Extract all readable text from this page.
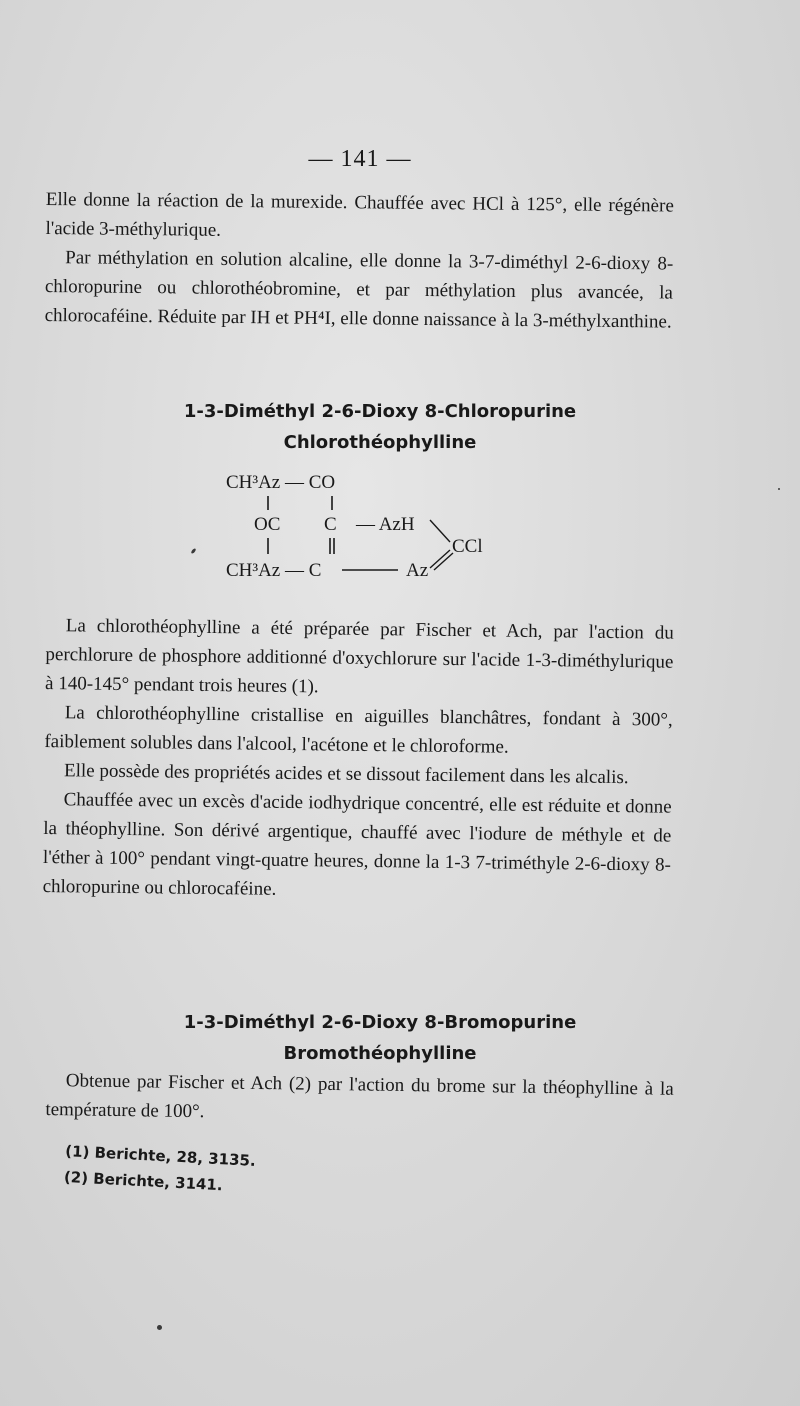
— 141 —

Elle donne la réaction de la murexide. Chauffée avec HCl à 125°, elle régénère l'acide 3-méthylurique.

Par méthylation en solution alcaline, elle donne la 3-7-diméthyl 2-6-dioxy 8-chloropurine ou chlorothéobromine, et par méthylation plus avancée, la chlorocaféine. Réduite par IH et PH⁴I, elle donne naissance à la 3-méthylxanthine.

1-3-Diméthyl 2-6-Dioxy 8-Chloropurine
Chlorothéophylline
CH³Az — CO
OC C — AzH
CCl
CH³Az — C	Az

La chlorothéophylline a été préparée par Fischer et Ach, par l'action du perchlorure de phosphore additionné d'oxychlorure sur l'acide 1-3-diméthylurique à 140-145° pendant trois heures (1).

La chlorothéophylline cristallise en aiguilles blanchâtres, fondant à 300°, faiblement solubles dans l'alcool, l'acétone et le chloroforme.

Elle possède des propriétés acides et se dissout facilement dans les alcalis.

Chauffée avec un excès d'acide iodhydrique concentré, elle est réduite et donne la théophylline. Son dérivé argentique, chauffé avec l'iodure de méthyle et de l'éther à 100° pendant vingt-quatre heures, donne la 1-3 7-triméthyle 2-6-dioxy 8-chloropurine ou chlorocaféine.

1-3-Diméthyl 2-6-Dioxy 8-Bromopurine
Bromothéophylline

Obtenue par Fischer et Ach (2) par l'action du brome sur la théophylline à la température de 100°.

(1) Berichte, 28, 3135.
(2) Berichte, 3141.
